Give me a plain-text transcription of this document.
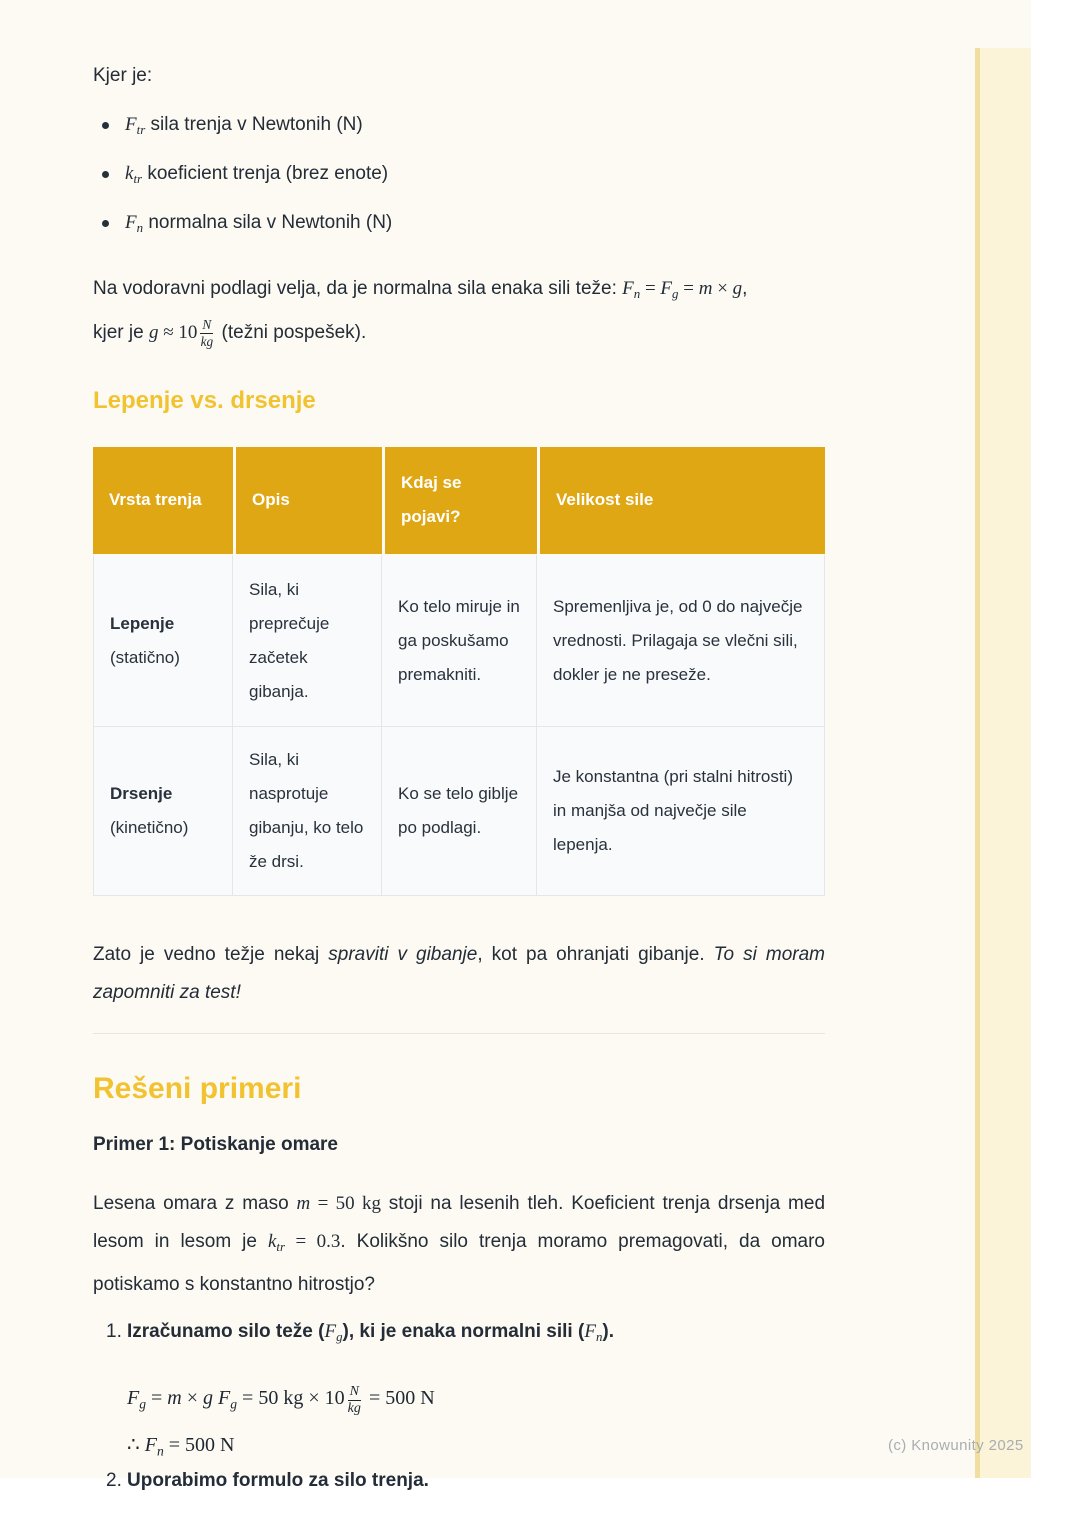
Kjer je:

$F_{tr}$ sila trenja v Newtonih (N)
$k_{tr}$ koeficient trenja (brez enote)
$F_n$ normalna sila v Newtonih (N)

Na vodoravni podlagi velja, da je normalna sila enaka sili teže: $F_n = F_g = m \times g$,
kjer je $g \approx 10 \frac{N}{kg}$ (težni pospešek).

Lepenje vs. drsenje
Vrsta trenja	Opis	Kdaj se pojavi?	Velikost sile

Lepenje
(statično)	Sila, ki preprečuje začetek gibanja.	Ko telo miruje in ga poskušamo premakniti.	Spremenljiva je, od 0 do največje vrednosti. Prilagaja se vlečni sili, dokler je ne preseže.

Drsenje
(kinetično)	Sila, ki nasprotuje gibanju, ko telo že drsi.	Ko se telo giblje po podlagi.	Je konstantna (pri stalni hitrosti) in manjša od največje sile lepenja.

Zato je vedno težje nekaj spraviti v gibanje, kot pa ohranjati gibanje. To si moram zapomniti za test!

Rešeni primeri
Primer 1: Potiskanje omare

Lesena omara z maso m = 50 kg stoji na lesenih tleh. Koeficient trenja drsenja med lesom in lesom je $k_{tr} = 0.3$. Kolikšno silo trenja moramo premagovati, da omaro potiskamo s konstantno hitrostjo?

1. Izračunamo silo teže $(F_g)$, ki je enaka normalni sili $(F_n)$.
$F_g = m \times g$ $F_g = 50$ kg × $10 \frac{N}{kg} = 500$ N
∴ $F_n = 500$ N
2. Uporabimo formulo za silo trenja.
(c) Knowunity 2025
